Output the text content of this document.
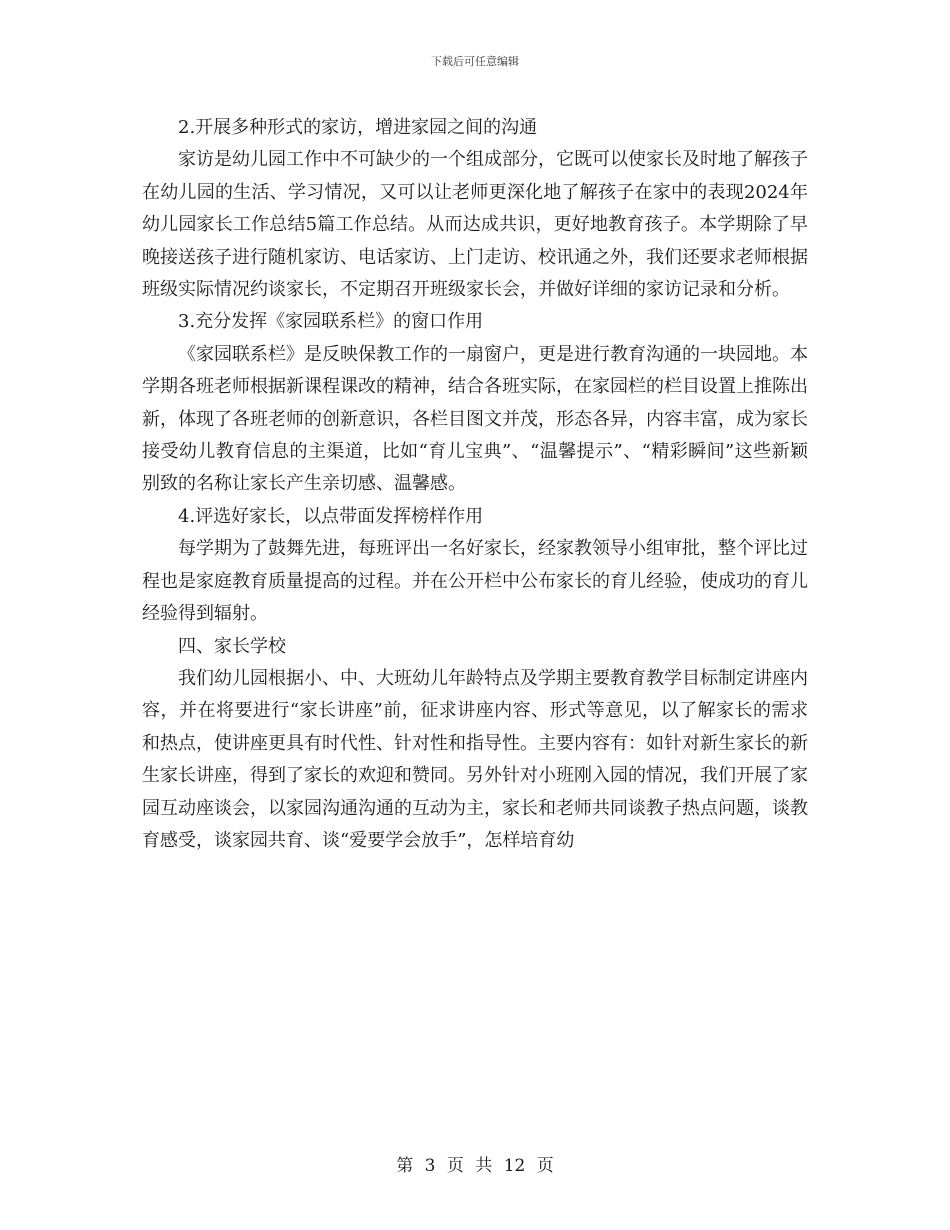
下载后可任意编辑

2.开展多种形式的家访，增进家园之间的沟通

家访是幼儿园工作中不可缺少的一个组成部分，它既可以使家长及时地了解孩子在幼儿园的生活、学习情况，又可以让老师更深化地了解孩子在家中的表现2024年幼儿园家长工作总结5篇工作总结。从而达成共识，更好地教育孩子。本学期除了早晚接送孩子进行随机家访、电话家访、上门走访、校讯通之外，我们还要求老师根据班级实际情况约谈家长，不定期召开班级家长会，并做好详细的家访记录和分析。

3.充分发挥《家园联系栏》的窗口作用

《家园联系栏》是反映保教工作的一扇窗户，更是进行教育沟通的一块园地。本学期各班老师根据新课程课改的精神，结合各班实际，在家园栏的栏目设置上推陈出新，体现了各班老师的创新意识，各栏目图文并茂，形态各异，内容丰富，成为家长接受幼儿教育信息的主渠道，比如“育儿宝典”、“温馨提示”、“精彩瞬间”这些新颖别致的名称让家长产生亲切感、温馨感。

4.评选好家长，以点带面发挥榜样作用

每学期为了鼓舞先进，每班评出一名好家长，经家教领导小组审批，整个评比过程也是家庭教育质量提高的过程。并在公开栏中公布家长的育儿经验，使成功的育儿经验得到辐射。

四、家长学校

我们幼儿园根据小、中、大班幼儿年龄特点及学期主要教育教学目标制定讲座内容，并在将要进行“家长讲座”前，征求讲座内容、形式等意见，以了解家长的需求和热点，使讲座更具有时代性、针对性和指导性。主要内容有：如针对新生家长的新生家长讲座，得到了家长的欢迎和赞同。另外针对小班刚入园的情况，我们开展了家园互动座谈会，以家园沟通沟通的互动为主，家长和老师共同谈教子热点问题，谈教育感受，谈家园共育、谈“爱要学会放手”，怎样培育幼

第 3 页 共 12 页
